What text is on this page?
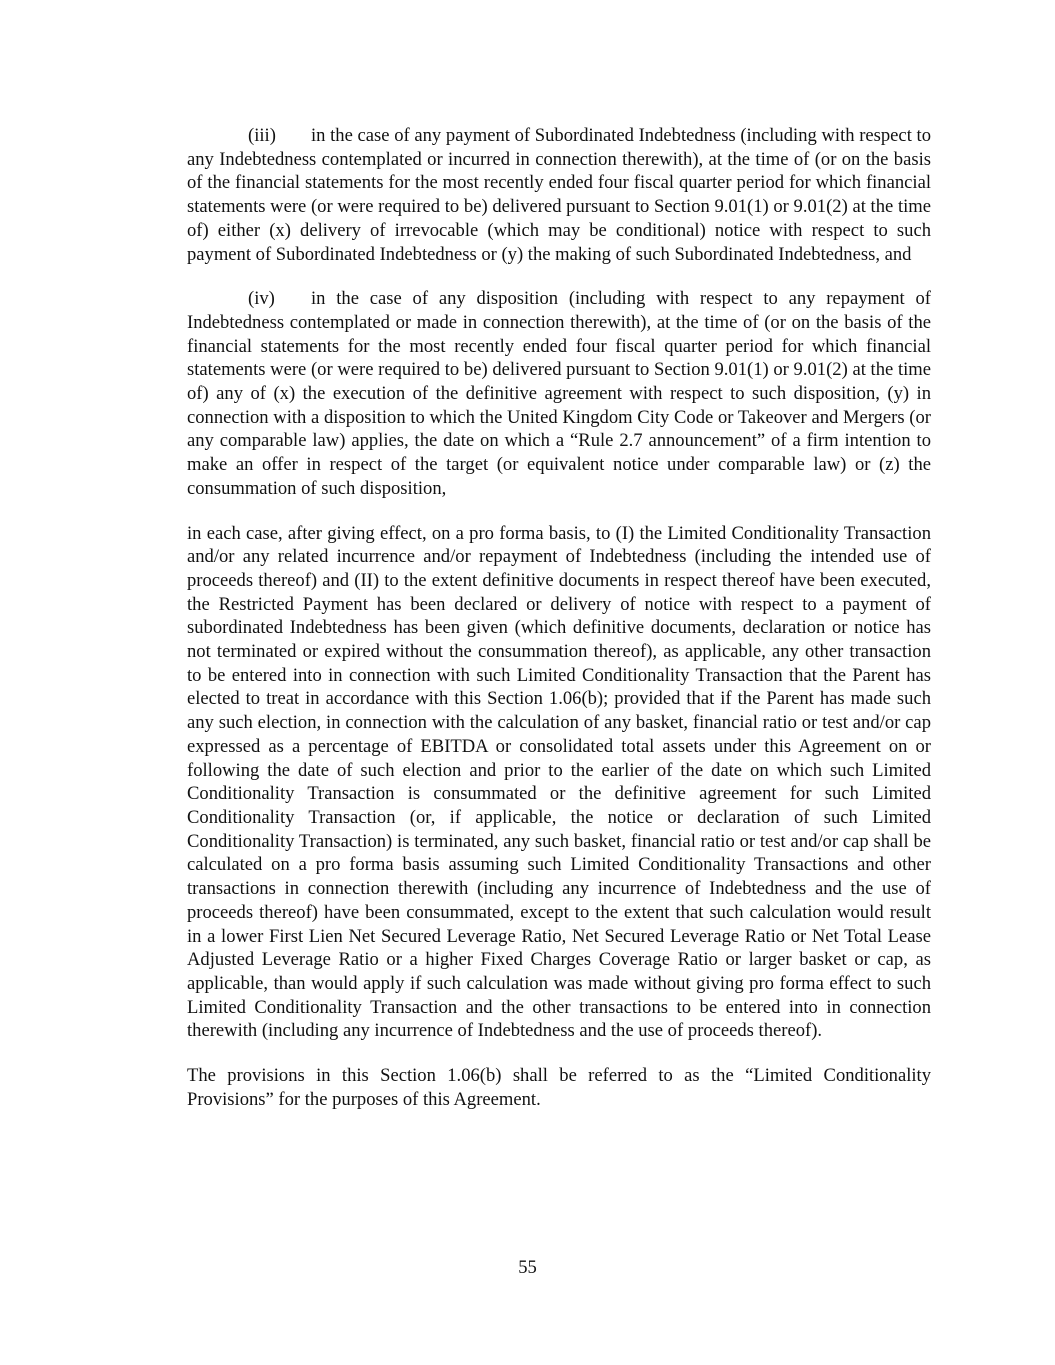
(iii) in the case of any payment of Subordinated Indebtedness (including with respect to any Indebtedness contemplated or incurred in connection therewith), at the time of (or on the basis of the financial statements for the most recently ended four fiscal quarter period for which financial statements were (or were required to be) delivered pursuant to Section 9.01(1) or 9.01(2) at the time of) either (x) delivery of irrevocable (which may be conditional) notice with respect to such payment of Subordinated Indebtedness or (y) the making of such Subordinated Indebtedness, and

(iv) in the case of any disposition (including with respect to any repayment of Indebtedness contemplated or made in connection therewith), at the time of (or on the basis of the financial statements for the most recently ended four fiscal quarter period for which financial statements were (or were required to be) delivered pursuant to Section 9.01(1) or 9.01(2) at the time of) any of (x) the execution of the definitive agreement with respect to such disposition, (y) in connection with a disposition to which the United Kingdom City Code or Takeover and Mergers (or any comparable law) applies, the date on which a “Rule 2.7 announcement” of a firm intention to make an offer in respect of the target (or equivalent notice under comparable law) or (z) the consummation of such disposition,

in each case, after giving effect, on a pro forma basis, to (I) the Limited Conditionality Transaction and/or any related incurrence and/or repayment of Indebtedness (including the intended use of proceeds thereof) and (II) to the extent definitive documents in respect thereof have been executed, the Restricted Payment has been declared or delivery of notice with respect to a payment of subordinated Indebtedness has been given (which definitive documents, declaration or notice has not terminated or expired without the consummation thereof), as applicable, any other transaction to be entered into in connection with such Limited Conditionality Transaction that the Parent has elected to treat in accordance with this Section 1.06(b); provided that if the Parent has made such any such election, in connection with the calculation of any basket, financial ratio or test and/or cap expressed as a percentage of EBITDA or consolidated total assets under this Agreement on or following the date of such election and prior to the earlier of the date on which such Limited Conditionality Transaction is consummated or the definitive agreement for such Limited Conditionality Transaction (or, if applicable, the notice or declaration of such Limited Conditionality Transaction) is terminated, any such basket, financial ratio or test and/or cap shall be calculated on a pro forma basis assuming such Limited Conditionality Transactions and other transactions in connection therewith (including any incurrence of Indebtedness and the use of proceeds thereof) have been consummated, except to the extent that such calculation would result in a lower First Lien Net Secured Leverage Ratio, Net Secured Leverage Ratio or Net Total Lease Adjusted Leverage Ratio or a higher Fixed Charges Coverage Ratio or larger basket or cap, as applicable, than would apply if such calculation was made without giving pro forma effect to such Limited Conditionality Transaction and the other transactions to be entered into in connection therewith (including any incurrence of Indebtedness and the use of proceeds thereof).

The provisions in this Section 1.06(b) shall be referred to as the “Limited Conditionality Provisions” for the purposes of this Agreement.

55
